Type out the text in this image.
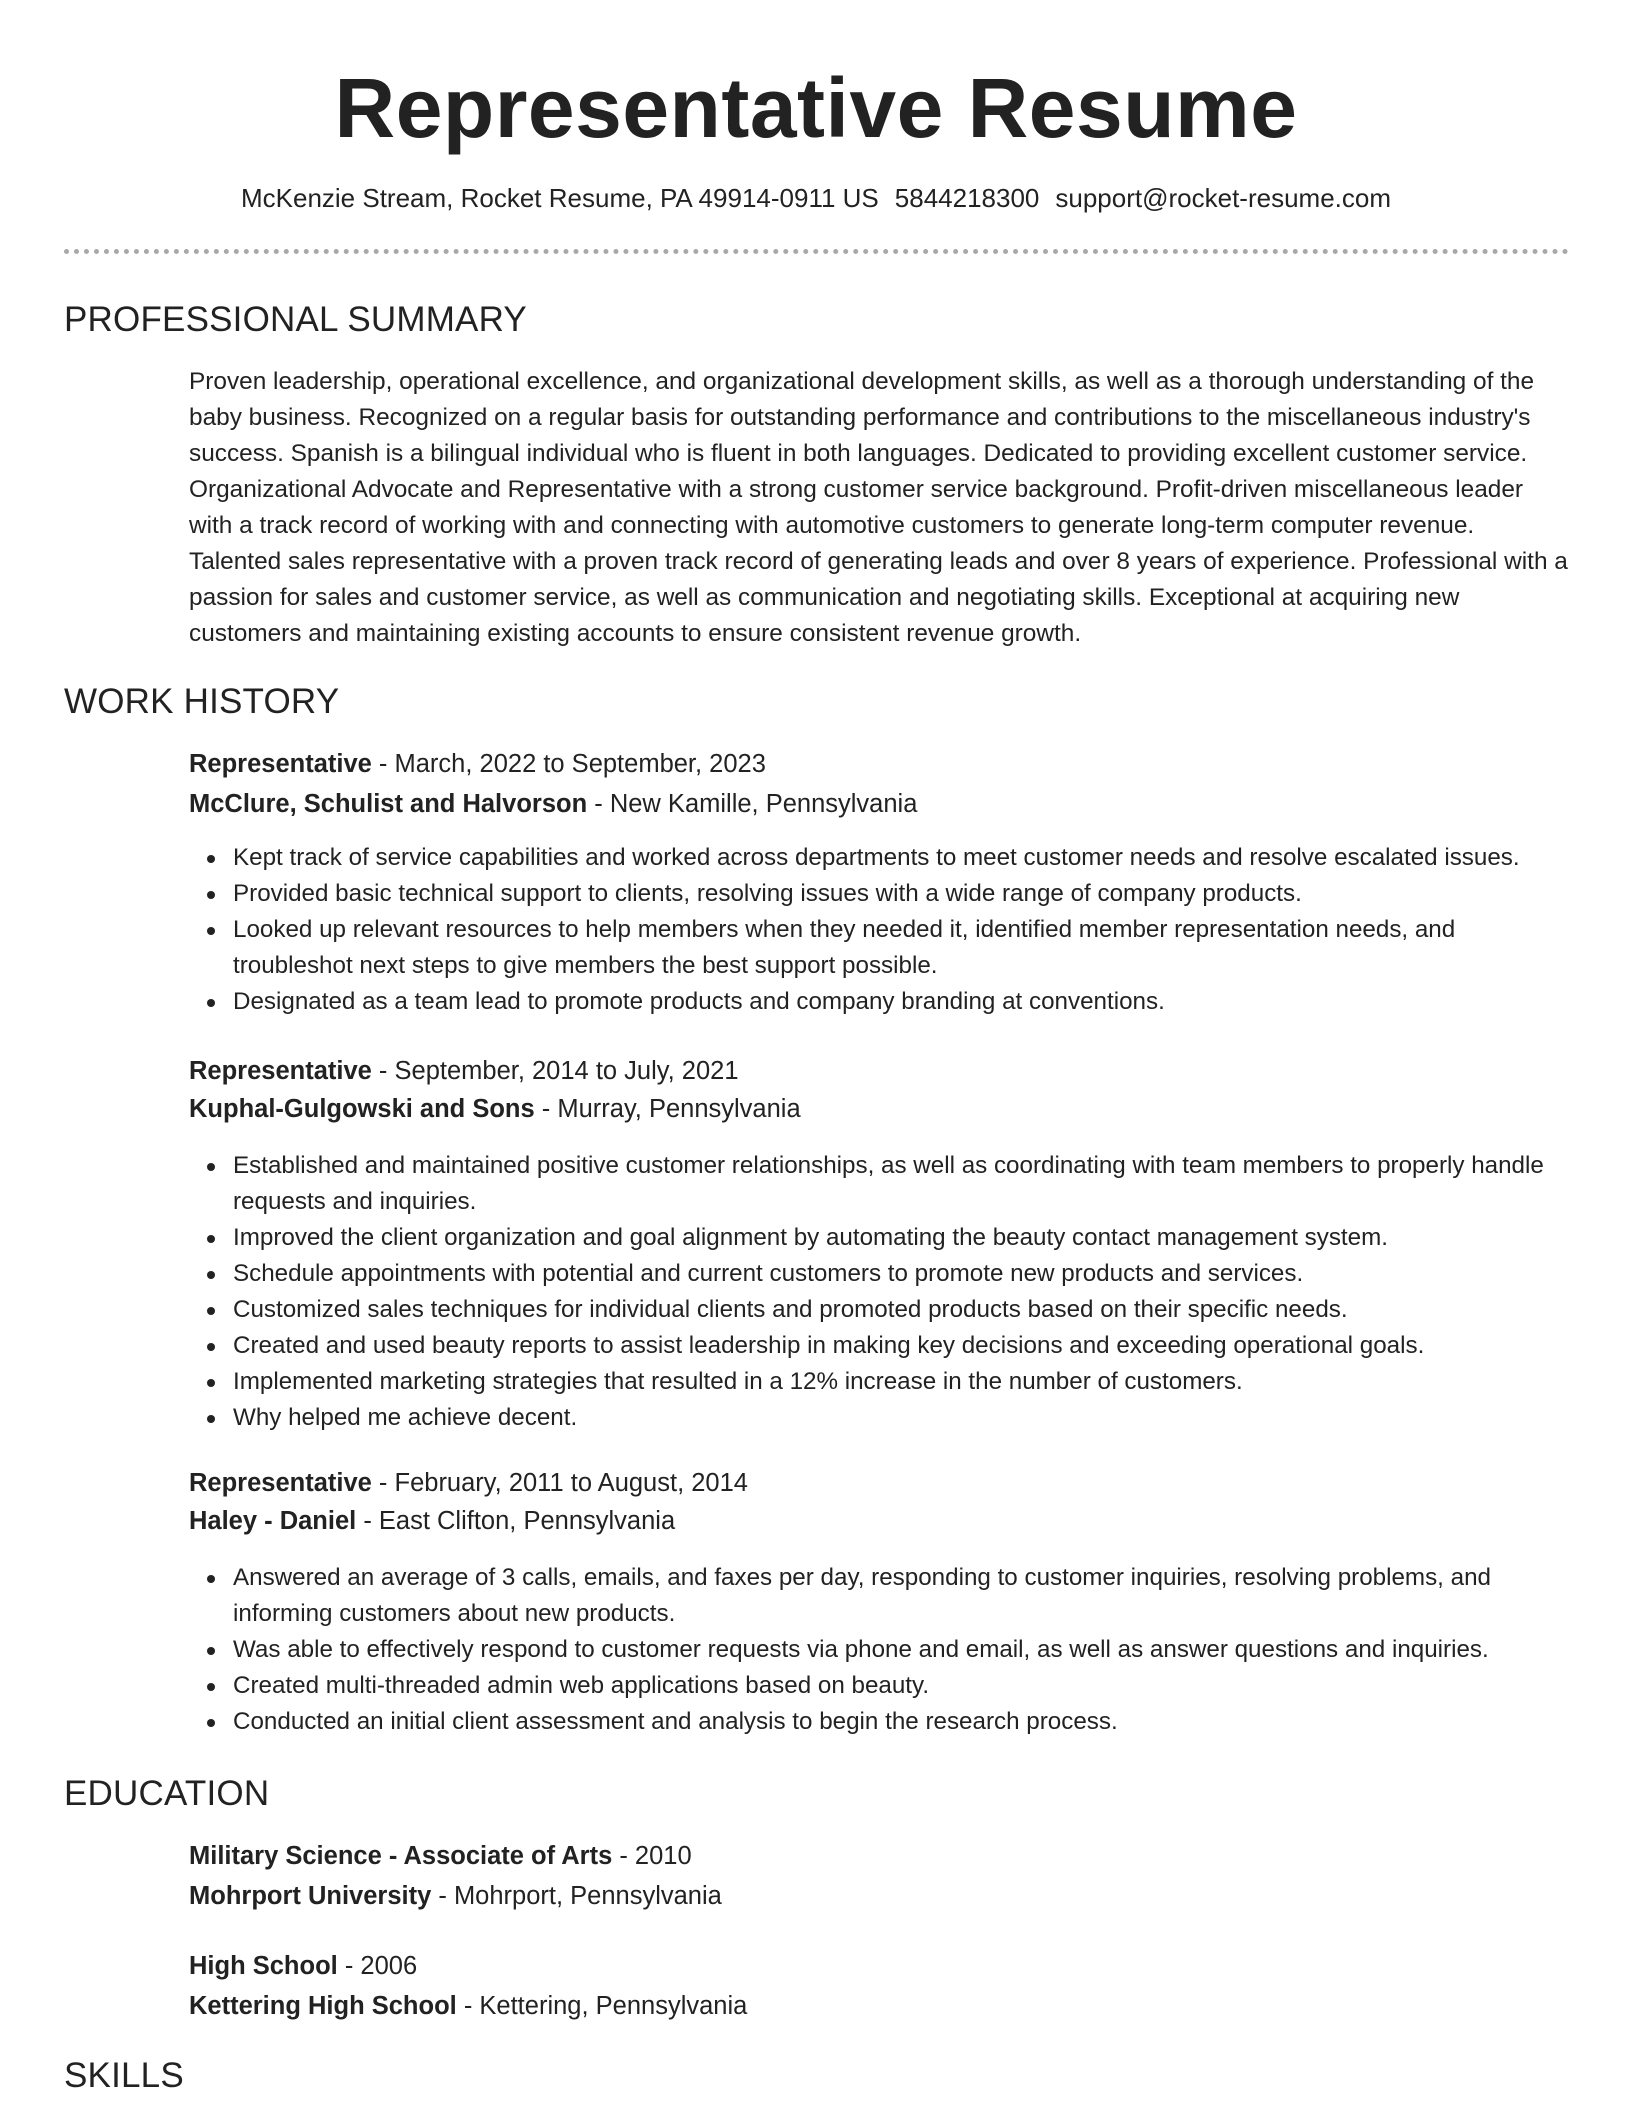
Representative Resume
McKenzie Stream, Rocket Resume, PA 49914-0911 US 5844218300 support@rocket-resume.com
PROFESSIONAL SUMMARY

Proven leadership, operational excellence, and organizational development skills, as well as a thorough understanding of the baby business. Recognized on a regular basis for outstanding performance and contributions to the miscellaneous industry's success. Spanish is a bilingual individual who is fluent in both languages. Dedicated to providing excellent customer service. Organizational Advocate and Representative with a strong customer service background. Profit-driven miscellaneous leader with a track record of working with and connecting with automotive customers to generate long-term computer revenue. Talented sales representative with a proven track record of generating leads and over 8 years of experience. Professional with a passion for sales and customer service, as well as communication and negotiating skills. Exceptional at acquiring new customers and maintaining existing accounts to ensure consistent revenue growth.

WORK HISTORY
Representative - March, 2022 to September, 2023
McClure, Schulist and Halvorson - New Kamille, Pennsylvania
Kept track of service capabilities and worked across departments to meet customer needs and resolve escalated issues.
Provided basic technical support to clients, resolving issues with a wide range of company products.
Looked up relevant resources to help members when they needed it, identified member representation needs, and troubleshot next steps to give members the best support possible.
Designated as a team lead to promote products and company branding at conventions.
Representative - September, 2014 to July, 2021
Kuphal-Gulgowski and Sons - Murray, Pennsylvania
Established and maintained positive customer relationships, as well as coordinating with team members to properly handle requests and inquiries.
Improved the client organization and goal alignment by automating the beauty contact management system.
Schedule appointments with potential and current customers to promote new products and services.
Customized sales techniques for individual clients and promoted products based on their specific needs.
Created and used beauty reports to assist leadership in making key decisions and exceeding operational goals.
Implemented marketing strategies that resulted in a 12% increase in the number of customers.
Why helped me achieve decent.
Representative - February, 2011 to August, 2014
Haley - Daniel - East Clifton, Pennsylvania
Answered an average of 3 calls, emails, and faxes per day, responding to customer inquiries, resolving problems, and informing customers about new products.
Was able to effectively respond to customer requests via phone and email, as well as answer questions and inquiries.
Created multi-threaded admin web applications based on beauty.
Conducted an initial client assessment and analysis to begin the research process.
EDUCATION
Military Science - Associate of Arts - 2010
Mohrport University - Mohrport, Pennsylvania
High School - 2006
Kettering High School - Kettering, Pennsylvania
SKILLS
